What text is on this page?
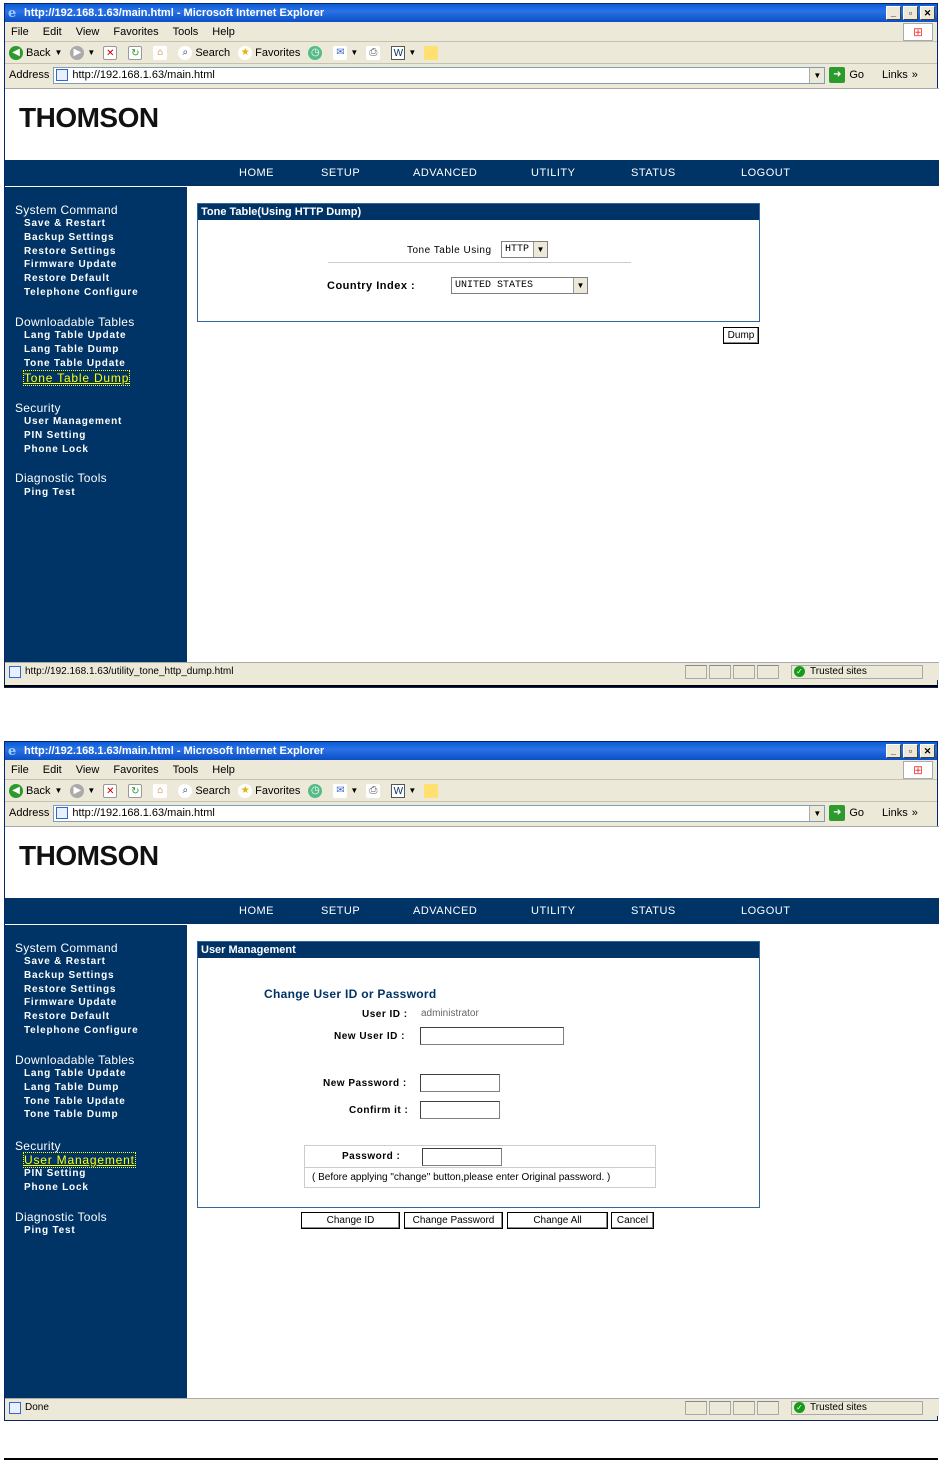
e http://192.168.1.63/main.html - Microsoft Internet Explorer	_	▫	✕
File Edit View Favorites Tools Help	⊞
◀ Back ▼	▶ ▼ ✕ ↻	⌂	⌕ Search ★ Favorites ◷ ✉ ▼	⎙	W ▼
Address http://192.168.1.63/main.html	▼	➜ Go Links »
THOMSON
HOME	SETUP	ADVANCED	UTILITY	STATUS	LOGOUT
System Command
Save & Restart
Backup Settings
Restore Settings
Firmware Update
Restore Default
Telephone Configure
Downloadable Tables
Lang Table Update
Lang Table Dump
Tone Table Update
Tone Table Dump
Security
User Management
PIN Setting
Phone Lock
Diagnostic Tools
Ping Test
Tone Table(Using HTTP Dump)
Tone Table Using	HTTP ▼
Country Index :	UNITED STATES	▼
Dump
http://192.168.1.63/utility_tone_http_dump.html	✓ Trusted sites
e http://192.168.1.63/main.html - Microsoft Internet Explorer	_	▫	✕
File Edit View Favorites Tools Help	⊞
◀ Back ▼	▶ ▼ ✕ ↻	⌂	⌕ Search ★ Favorites ◷ ✉ ▼	⎙	W ▼
Address http://192.168.1.63/main.html	▼	➜ Go Links »
THOMSON
HOME	SETUP	ADVANCED	UTILITY	STATUS	LOGOUT
System Command
Save & Restart
Backup Settings
Restore Settings
Firmware Update
Restore Default
Telephone Configure
Downloadable Tables
Lang Table Update
Lang Table Dump
Tone Table Update
Tone Table Dump
Security
User Management
PIN Setting
Phone Lock
Diagnostic Tools
Ping Test
User Management
Change User ID or Password
User ID : administrator
New User ID :
New Password :
Confirm it :
Password :
( Before applying "change" button,please enter Original password. )
Change ID	Change Password	Change All	Cancel
Done	✓ Trusted sites
